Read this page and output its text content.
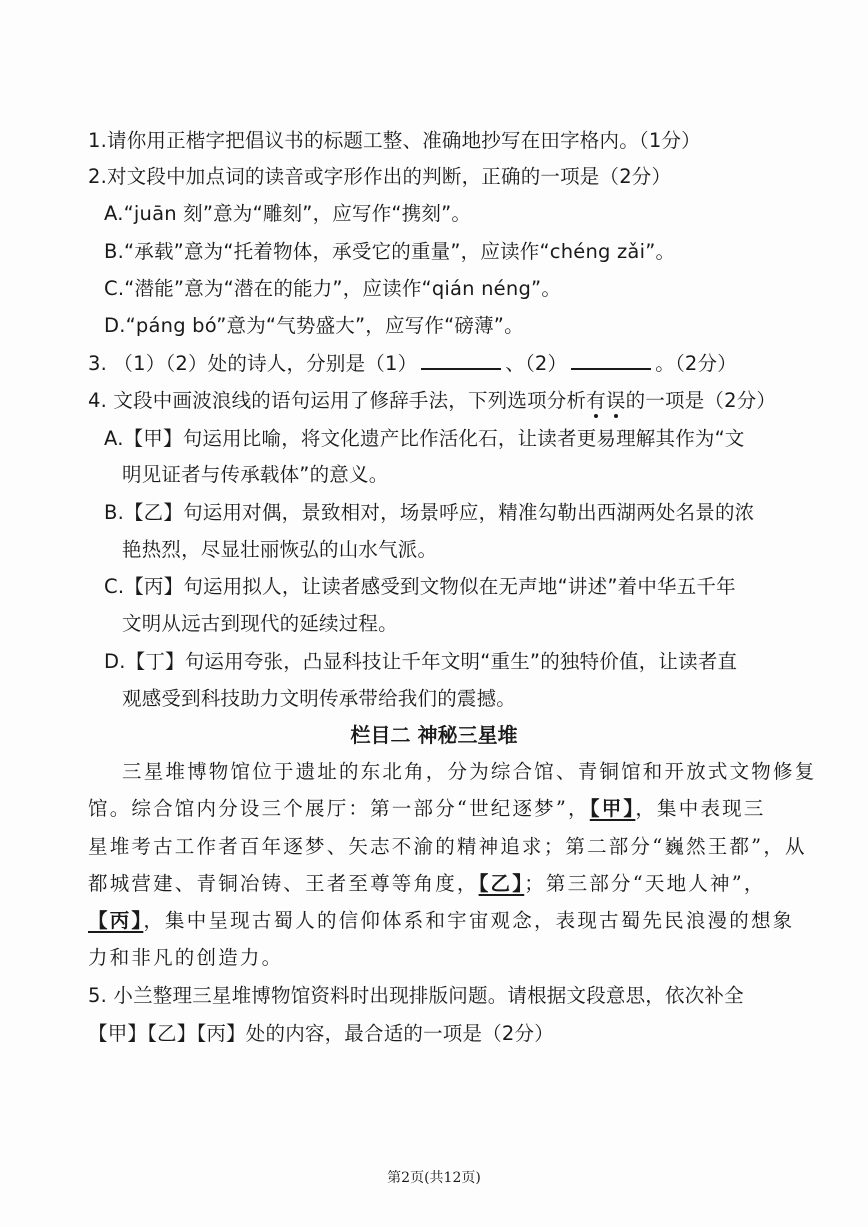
1.请你用正楷字把倡议书的标题工整、准确地抄写在田字格内。（1分）
2.对文段中加点词的读音或字形作出的判断，正确的一项是（2分）
A.“juān 刻”意为“雕刻”，应写作“携刻”。
B.“承载”意为“托着物体，承受它的重量”，应读作“chéng zǎi”。
C.“潜能”意为“潜在的能力”，应读作“qián néng”。
D.“páng bó”意为“气势盛大”，应写作“磅薄”。
3. （1）（2）处的诗人，分别是（1）	、（2）	。（2分）
4. 文段中画波浪线的语句运用了修辞手法，下列选项分析有误的一项是（2分）
A.【甲】句运用比喻，将文化遗产比作活化石，让读者更易理解其作为“文
明见证者与传承载体”的意义。
B.【乙】句运用对偶，景致相对，场景呼应，精准勾勒出西湖两处名景的浓
艳热烈，尽显壮丽恢弘的山水气派。
C.【丙】句运用拟人，让读者感受到文物似在无声地“讲述”着中华五千年
文明从远古到现代的延续过程。
D.【丁】句运用夸张，凸显科技让千年文明“重生”的独特价值，让读者直
观感受到科技助力文明传承带给我们的震撼。
栏目二 神秘三星堆
三星堆博物馆位于遗址的东北角，分为综合馆、青铜馆和开放式文物修复
馆。综合馆内分设三个展厅：第一部分“世纪逐梦”，【甲】，集中表现三
星堆考古工作者百年逐梦、矢志不渝的精神追求；第二部分“巍然王都”，从
都城营建、青铜冶铸、王者至尊等角度，【乙】；第三部分“天地人神”，
【丙】，集中呈现古蜀人的信仰体系和宇宙观念，表现古蜀先民浪漫的想象
力和非凡的创造力。
5. 小兰整理三星堆博物馆资料时出现排版问题。请根据文段意思，依次补全
【甲】【乙】【丙】处的内容，最合适的一项是（2分）
第2页(共12页)
